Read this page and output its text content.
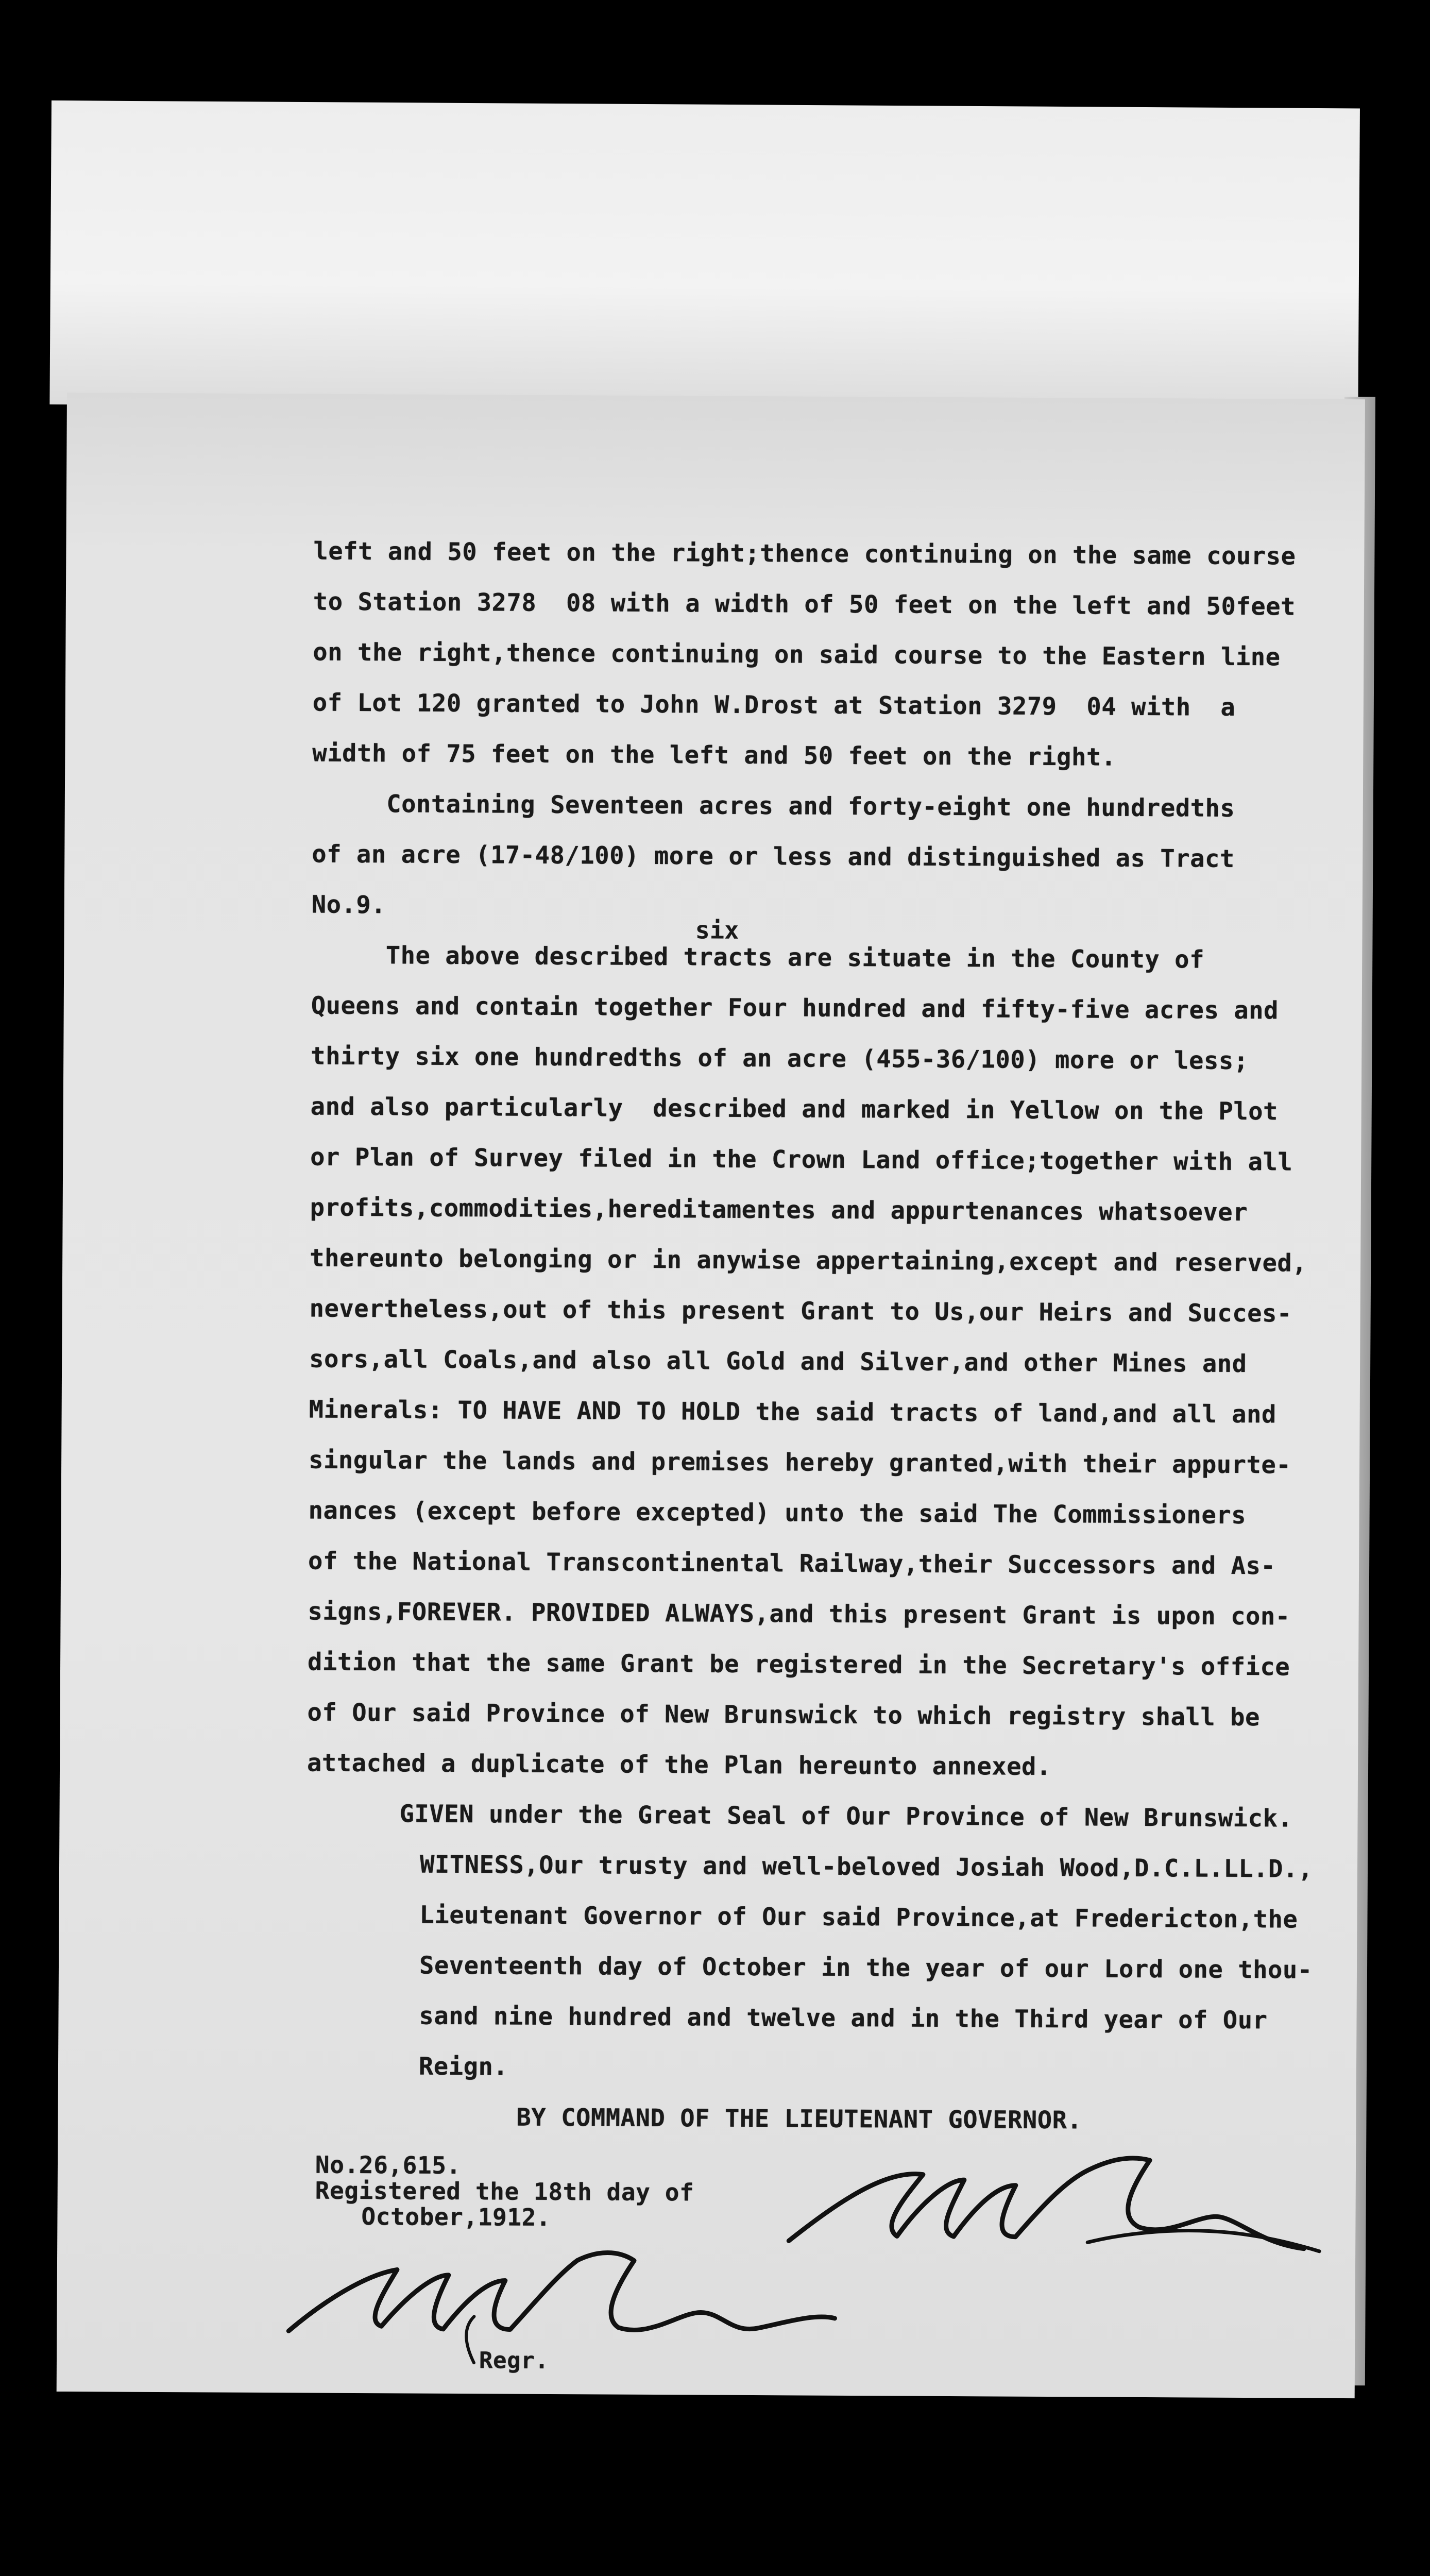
left and 50 feet on the right;thence continuing on the same course
to Station 3278  08 with a width of 50 feet on the left and 50feet
on the right,thence continuing on said course to the Eastern line
of Lot 120 granted to John W.Drost at Station 3279  04 with  a
width of 75 feet on the left and 50 feet on the right.
Containing Seventeen acres and forty-eight one hundredths
of an acre (17-48/100) more or less and distinguished as Tract
No.9.
six
The above described tracts are situate in the County of
Queens and contain together Four hundred and fifty-five acres and
thirty six one hundredths of an acre (455-36/100) more or less;
and also particularly  described and marked in Yellow on the Plot
or Plan of Survey filed in the Crown Land office;together with all
profits,commodities,hereditamentes and appurtenances whatsoever
thereunto belonging or in anywise appertaining,except and reserved,
nevertheless,out of this present Grant to Us,our Heirs and Succes-
sors,all Coals,and also all Gold and Silver,and other Mines and
Minerals: TO HAVE AND TO HOLD the said tracts of land,and all and
singular the lands and premises hereby granted,with their appurte-
nances (except before excepted) unto the said The Commissioners
of the National Transcontinental Railway,their Successors and As-
signs,FOREVER. PROVIDED ALWAYS,and this present Grant is upon con-
dition that the same Grant be registered in the Secretary's office
of Our said Province of New Brunswick to which registry shall be
attached a duplicate of the Plan hereunto annexed.
GIVEN under the Great Seal of Our Province of New Brunswick.
WITNESS,Our trusty and well-beloved Josiah Wood,D.C.L.LL.D.,
Lieutenant Governor of Our said Province,at Fredericton,the
Seventeenth day of October in the year of our Lord one thou-
sand nine hundred and twelve and in the Third year of Our
Reign.
BY COMMAND OF THE LIEUTENANT GOVERNOR.
No.26,615.
Registered the 18th day of
October,1912.
Regr.
